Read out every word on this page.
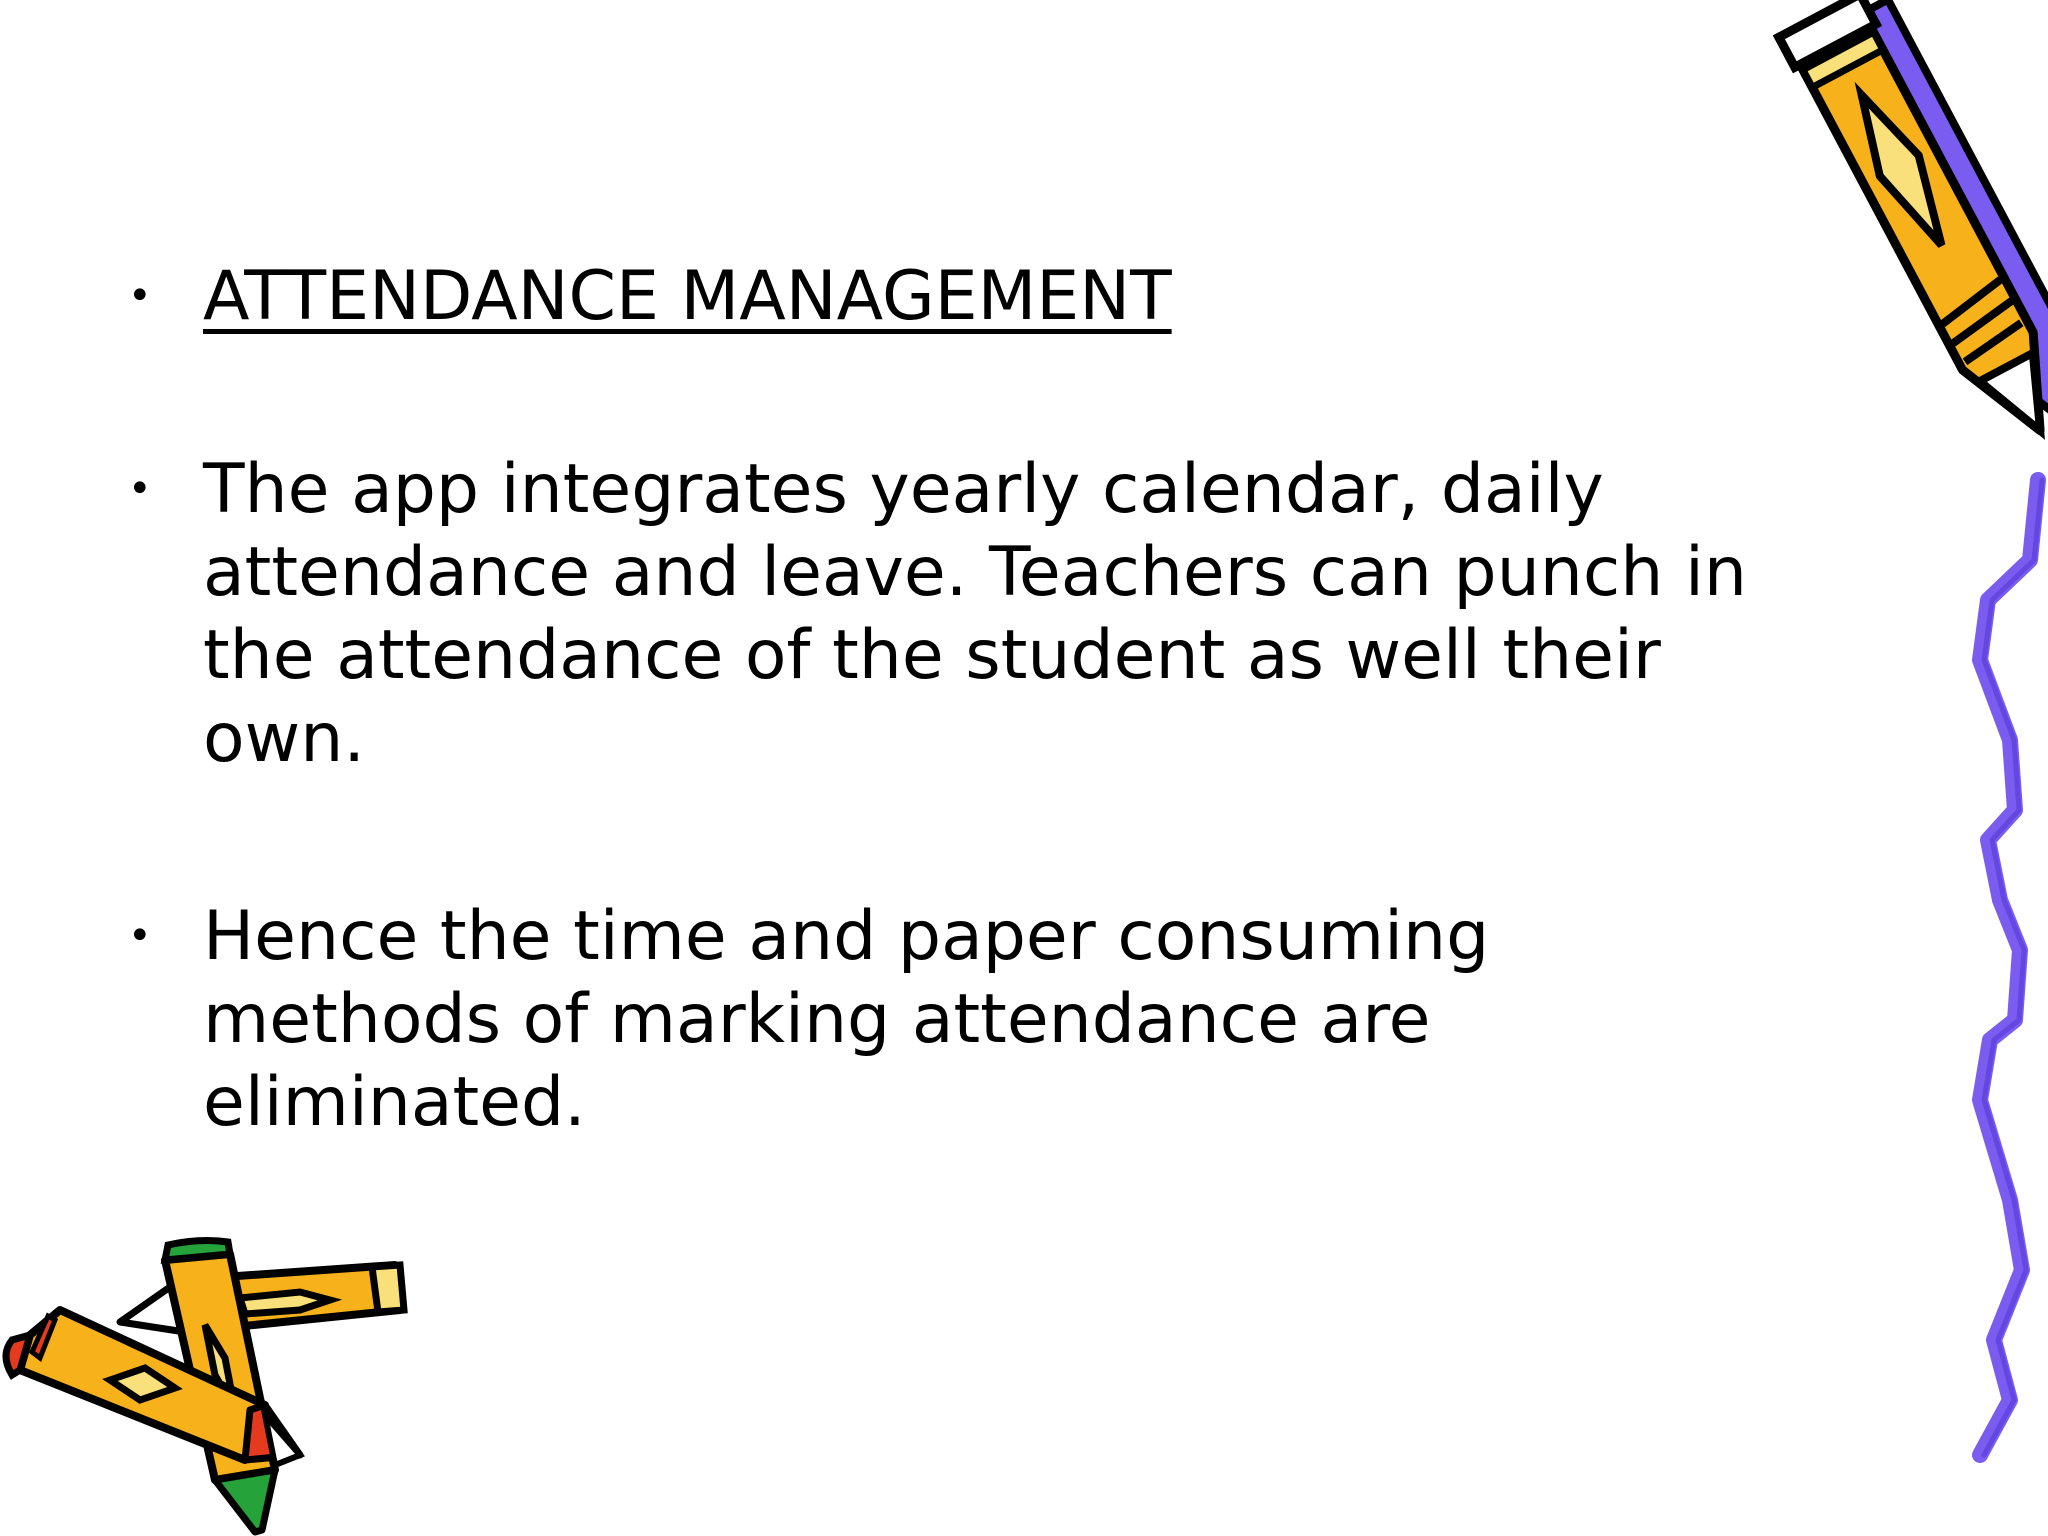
• ATTENDANCE MANAGEMENT
• The app integrates yearly calendar, daily attendance and leave. Teachers can punch in the attendance of the student as well their own.
• Hence the time and paper consuming methods of marking attendance are eliminated.
